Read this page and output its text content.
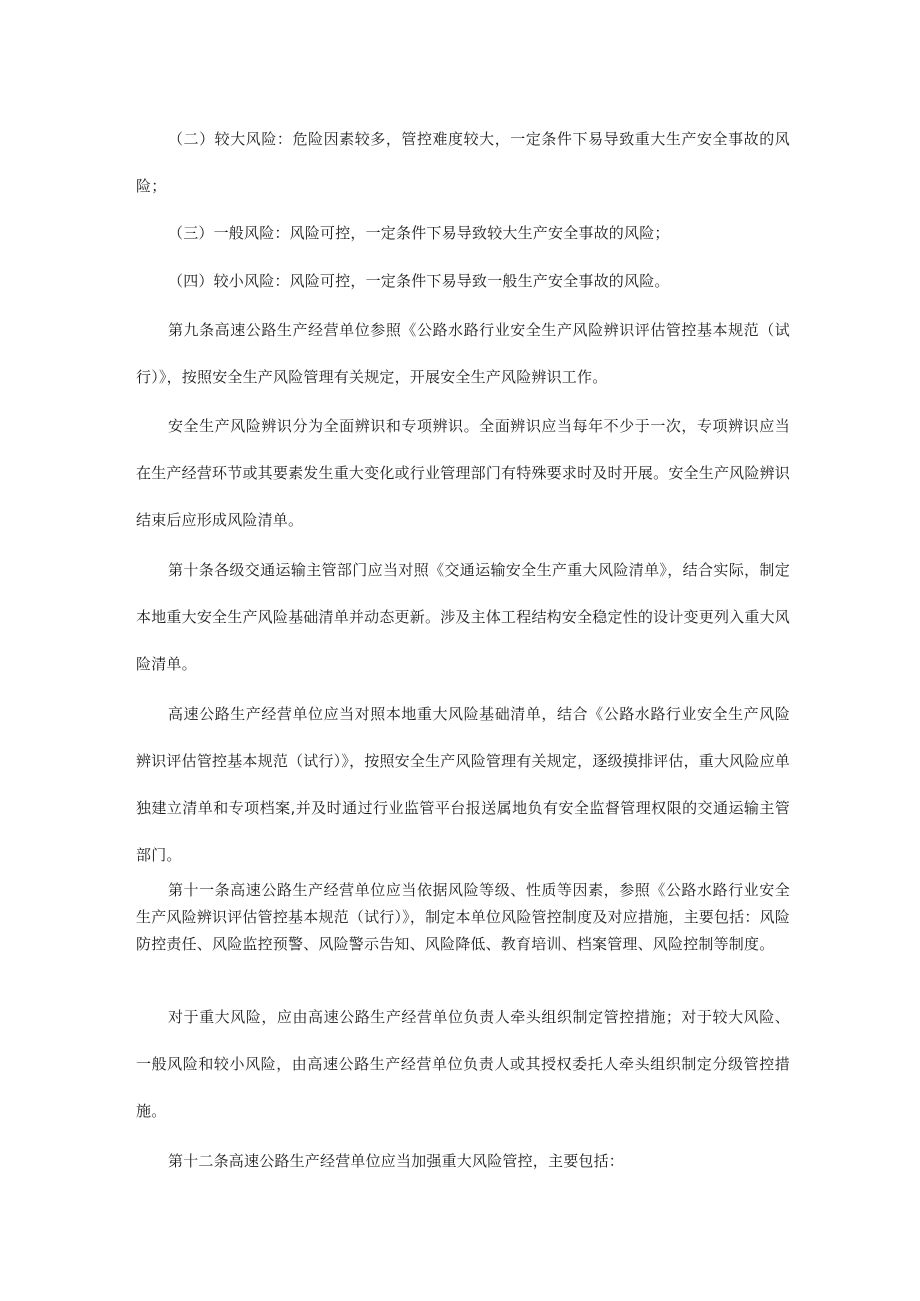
（二）较大风险：危险因素较多，管控难度较大，一定条件下易导致重大生产安全事故的风险；

（三）一般风险：风险可控，一定条件下易导致较大生产安全事故的风险；

（四）较小风险：风险可控，一定条件下易导致一般生产安全事故的风险。

第九条高速公路生产经营单位参照《公路水路行业安全生产风险辨识评估管控基本规范（试行）》，按照安全生产风险管理有关规定，开展安全生产风险辨识工作。

安全生产风险辨识分为全面辨识和专项辨识。全面辨识应当每年不少于一次，专项辨识应当在生产经营环节或其要素发生重大变化或行业管理部门有特殊要求时及时开展。安全生产风险辨识结束后应形成风险清单。

第十条各级交通运输主管部门应当对照《交通运输安全生产重大风险清单》，结合实际，制定本地重大安全生产风险基础清单并动态更新。涉及主体工程结构安全稳定性的设计变更列入重大风险清单。

高速公路生产经营单位应当对照本地重大风险基础清单，结合《公路水路行业安全生产风险辨识评估管控基本规范（试行）》，按照安全生产风险管理有关规定，逐级摸排评估，重大风险应单独建立清单和专项档案,并及时通过行业监管平台报送属地负有安全监督管理权限的交通运输主管部门。

第十一条高速公路生产经营单位应当依据风险等级、性质等因素，参照《公路水路行业安全生产风险辨识评估管控基本规范（试行）》，制定本单位风险管控制度及对应措施，主要包括：风险防控责任、风险监控预警、风险警示告知、风险降低、教育培训、档案管理、风险控制等制度。

对于重大风险，应由高速公路生产经营单位负责人牵头组织制定管控措施；对于较大风险、一般风险和较小风险，由高速公路生产经营单位负责人或其授权委托人牵头组织制定分级管控措施。

第十二条高速公路生产经营单位应当加强重大风险管控，主要包括：
